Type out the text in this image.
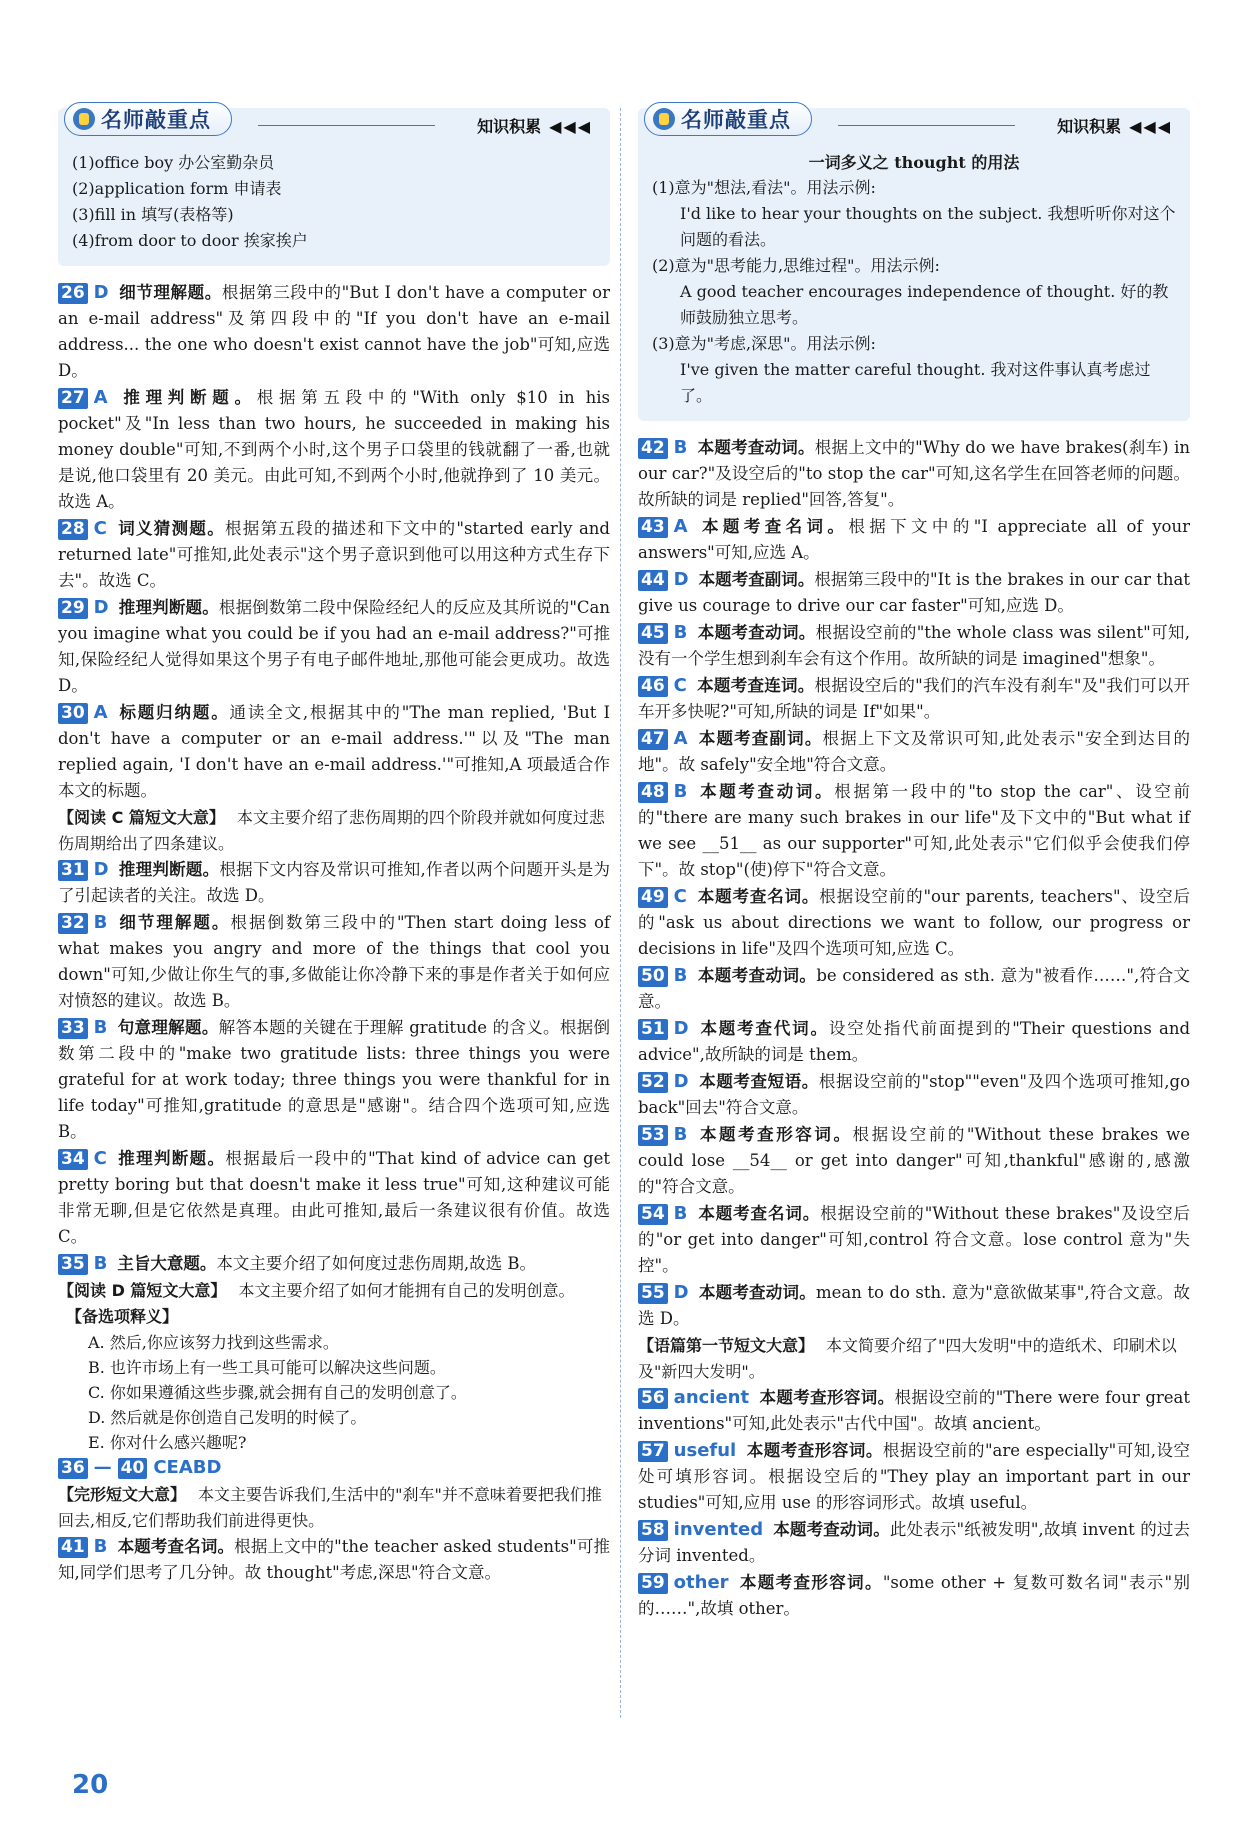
名师敲重点	知识积累 ◀◀◀
(1)office boy 办公室勤杂员
(2)application form 申请表
(3)fill in 填写(表格等)
(4)from door to door 挨家挨户
26 D 细节理解题。根据第三段中的"But I don't have a computer or an e-mail address"及第四段中的"If you don't have an e-mail address... the one who doesn't exist cannot have the job"可知,应选 D。
27 A 推理判断题。根据第五段中的"With only $10 in his pocket"及"In less than two hours, he succeeded in making his money double"可知,不到两个小时,这个男子口袋里的钱就翻了一番,也就是说,他口袋里有 20 美元。由此可知,不到两个小时,他就挣到了 10 美元。故选 A。
28 C 词义猜测题。根据第五段的描述和下文中的"started early and returned late"可推知,此处表示"这个男子意识到他可以用这种方式生存下去"。故选 C。
29 D 推理判断题。根据倒数第二段中保险经纪人的反应及其所说的"Can you imagine what you could be if you had an e-mail address?"可推知,保险经纪人觉得如果这个男子有电子邮件地址,那他可能会更成功。故选 D。
30 A 标题归纳题。通读全文,根据其中的"The man replied, 'But I don't have a computer or an e-mail address.'"以及"The man replied again, 'I don't have an e-mail address.'"可推知,A 项最适合作本文的标题。
【阅读 C 篇短文大意】 本文主要介绍了悲伤周期的四个阶段并就如何度过悲伤周期给出了四条建议。
31 D 推理判断题。根据下文内容及常识可推知,作者以两个问题开头是为了引起读者的关注。故选 D。
32 B 细节理解题。根据倒数第三段中的"Then start doing less of what makes you angry and more of the things that cool you down"可知,少做让你生气的事,多做能让你冷静下来的事是作者关于如何应对愤怒的建议。故选 B。
33 B 句意理解题。解答本题的关键在于理解 gratitude 的含义。根据倒数第二段中的"make two gratitude lists: three things you were grateful for at work today; three things you were thankful for in life today"可推知,gratitude 的意思是"感谢"。结合四个选项可知,应选 B。
34 C 推理判断题。根据最后一段中的"That kind of advice can get pretty boring but that doesn't make it less true"可知,这种建议可能非常无聊,但是它依然是真理。由此可推知,最后一条建议很有价值。故选 C。
35 B 主旨大意题。本文主要介绍了如何度过悲伤周期,故选 B。
【阅读 D 篇短文大意】 本文主要介绍了如何才能拥有自己的发明创意。
【备选项释义】
A. 然后,你应该努力找到这些需求。
B. 也许市场上有一些工具可能可以解决这些问题。
C. 你如果遵循这些步骤,就会拥有自己的发明创意了。
D. 然后就是你创造自己发明的时候了。
E. 你对什么感兴趣呢?
36 — 40 CEABD
【完形短文大意】 本文主要告诉我们,生活中的"刹车"并不意味着要把我们推回去,相反,它们帮助我们前进得更快。
41 B 本题考查名词。根据上文中的"the teacher asked students"可推知,同学们思考了几分钟。故 thought"考虑,深思"符合文意。
名师敲重点	知识积累 ◀◀◀
一词多义之 thought 的用法
(1)意为"想法,看法"。用法示例:
I'd like to hear your thoughts on the subject. 我想听听你对这个问题的看法。
(2)意为"思考能力,思维过程"。用法示例:
A good teacher encourages independence of thought. 好的教师鼓励独立思考。
(3)意为"考虑,深思"。用法示例:
I've given the matter careful thought. 我对这件事认真考虑过了。
42 B 本题考查动词。根据上文中的"Why do we have brakes(刹车) in our car?"及设空后的"to stop the car"可知,这名学生在回答老师的问题。故所缺的词是 replied"回答,答复"。
43 A 本题考查名词。根据下文中的"I appreciate all of your answers"可知,应选 A。
44 D 本题考查副词。根据第三段中的"It is the brakes in our car that give us courage to drive our car faster"可知,应选 D。
45 B 本题考查动词。根据设空前的"the whole class was silent"可知,没有一个学生想到刹车会有这个作用。故所缺的词是 imagined"想象"。
46 C 本题考查连词。根据设空后的"我们的汽车没有刹车"及"我们可以开车开多快呢?"可知,所缺的词是 If"如果"。
47 A 本题考查副词。根据上下文及常识可知,此处表示"安全到达目的地"。故 safely"安全地"符合文意。
48 B 本题考查动词。根据第一段中的"to stop the car"、设空前的"there are many such brakes in our life"及下文中的"But what if we see __51__ as our supporter"可知,此处表示"它们似乎会使我们停下"。故 stop"(使)停下"符合文意。
49 C 本题考查名词。根据设空前的"our parents, teachers"、设空后的"ask us about directions we want to follow, our progress or decisions in life"及四个选项可知,应选 C。
50 B 本题考查动词。be considered as sth. 意为"被看作……",符合文意。
51 D 本题考查代词。设空处指代前面提到的"Their questions and advice",故所缺的词是 them。
52 D 本题考查短语。根据设空前的"stop""even"及四个选项可推知,go back"回去"符合文意。
53 B 本题考查形容词。根据设空前的"Without these brakes we could lose __54__ or get into danger"可知,thankful"感谢的,感激的"符合文意。
54 B 本题考查名词。根据设空前的"Without these brakes"及设空后的"or get into danger"可知,control 符合文意。lose control 意为"失控"。
55 D 本题考查动词。mean to do sth. 意为"意欲做某事",符合文意。故选 D。
【语篇第一节短文大意】 本文简要介绍了"四大发明"中的造纸术、印刷术以及"新四大发明"。
56 ancient 本题考查形容词。根据设空前的"There were four great inventions"可知,此处表示"古代中国"。故填 ancient。
57 useful 本题考查形容词。根据设空前的"are especially"可知,设空处可填形容词。根据设空后的"They play an important part in our studies"可知,应用 use 的形容词形式。故填 useful。
58 invented 本题考查动词。此处表示"纸被发明",故填 invent 的过去分词 invented。
59 other 本题考查形容词。"some other + 复数可数名词"表示"别的……",故填 other。
20
